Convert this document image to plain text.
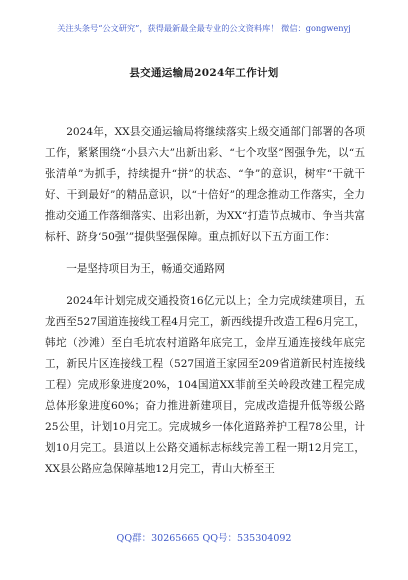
关注头条号“公文研究”，获得最新最全最专业的公文资料库！ 微信：gongwenyj
县交通运输局2024年工作计划

2024年，XX县交通运输局将继续落实上级交通部门部署的各项工作，紧紧围绕“小县六大”出新出彩、“七个攻坚”图强争先，以“五张清单”为抓手，持续提升“拼”的状态、“争”的意识，树牢“干就干好、干到最好”的精品意识，以“十倍好”的理念推动工作落实，全力推动交通工作落细落实、出彩出新，为XX“打造节点城市、争当共富标杆、跻身‘50强’”提供坚强保障。重点抓好以下五方面工作：

一是坚持项目为王，畅通交通路网

2024年计划完成交通投资16亿元以上；全力完成续建项目，五龙西至527国道连接线工程4月完工，新西线提升改造工程6月完工，韩坨（沙滩）至白毛坑农村道路年底完工，金岸互通连接线年底完工，新民片区连接线工程（527国道王家园至209省道新民村连接线工程）完成形象进度20%，104国道XX菲前至关岭段改建工程完成总体形象进度60%；奋力推进新建项目，完成改造提升低等级公路25公里，计划10月完工。完成城乡一体化道路养护工程78公里，计划10月完工。县道以上公路交通标志标线完善工程一期12月完工，XX县公路应急保障基地12月完工，青山大桥至王

QQ群：30265665 QQ号：535304092
